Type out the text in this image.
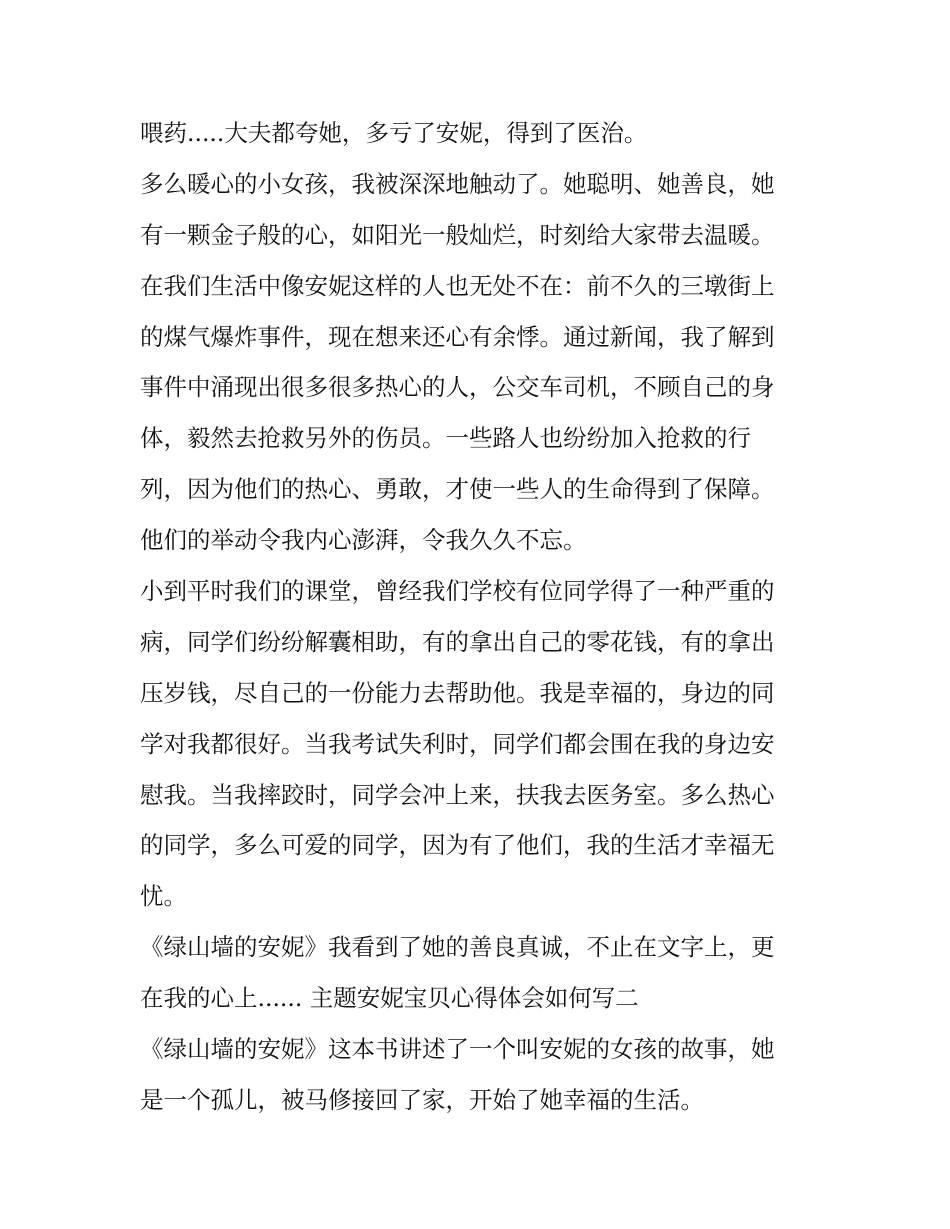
喂药.....大夫都夸她，多亏了安妮，得到了医治。
多么暖心的小女孩，我被深深地触动了。她聪明、她善良，她
有一颗金子般的心，如阳光一般灿烂，时刻给大家带去温暖。
在我们生活中像安妮这样的人也无处不在：前不久的三墩街上
的煤气爆炸事件，现在想来还心有余悸。通过新闻，我了解到
事件中涌现出很多很多热心的人，公交车司机，不顾自己的身
体，毅然去抢救另外的伤员。一些路人也纷纷加入抢救的行
列，因为他们的热心、勇敢，才使一些人的生命得到了保障。
他们的举动令我内心澎湃，令我久久不忘。
小到平时我们的课堂，曾经我们学校有位同学得了一种严重的
病，同学们纷纷解囊相助，有的拿出自己的零花钱，有的拿出
压岁钱，尽自己的一份能力去帮助他。我是幸福的，身边的同
学对我都很好。当我考试失利时，同学们都会围在我的身边安
慰我。当我摔跤时，同学会冲上来，扶我去医务室。多么热心
的同学，多么可爱的同学，因为有了他们，我的生活才幸福无
忧。
《绿山墙的安妮》我看到了她的善良真诚，不止在文字上，更
在我的心上...... 主题安妮宝贝心得体会如何写二
《绿山墙的安妮》这本书讲述了一个叫安妮的女孩的故事，她
是一个孤儿，被马修接回了家，开始了她幸福的生活。
